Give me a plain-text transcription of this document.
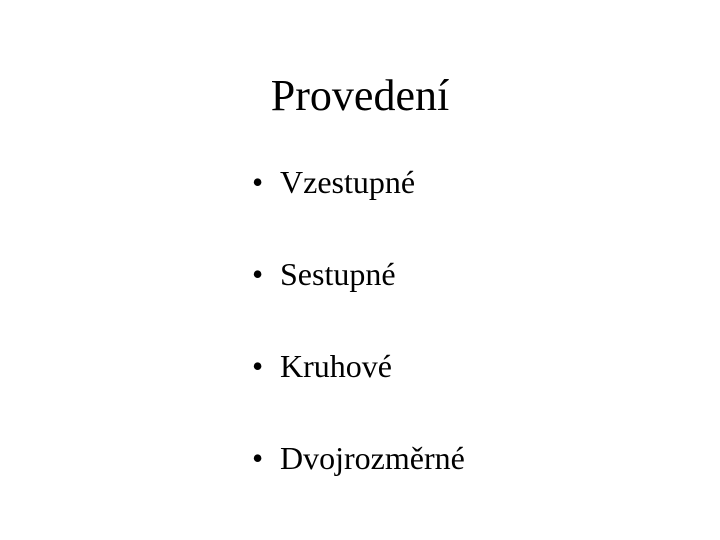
Provedení
• Vzestupné
• Sestupné
• Kruhové
• Dvojrozměrné
